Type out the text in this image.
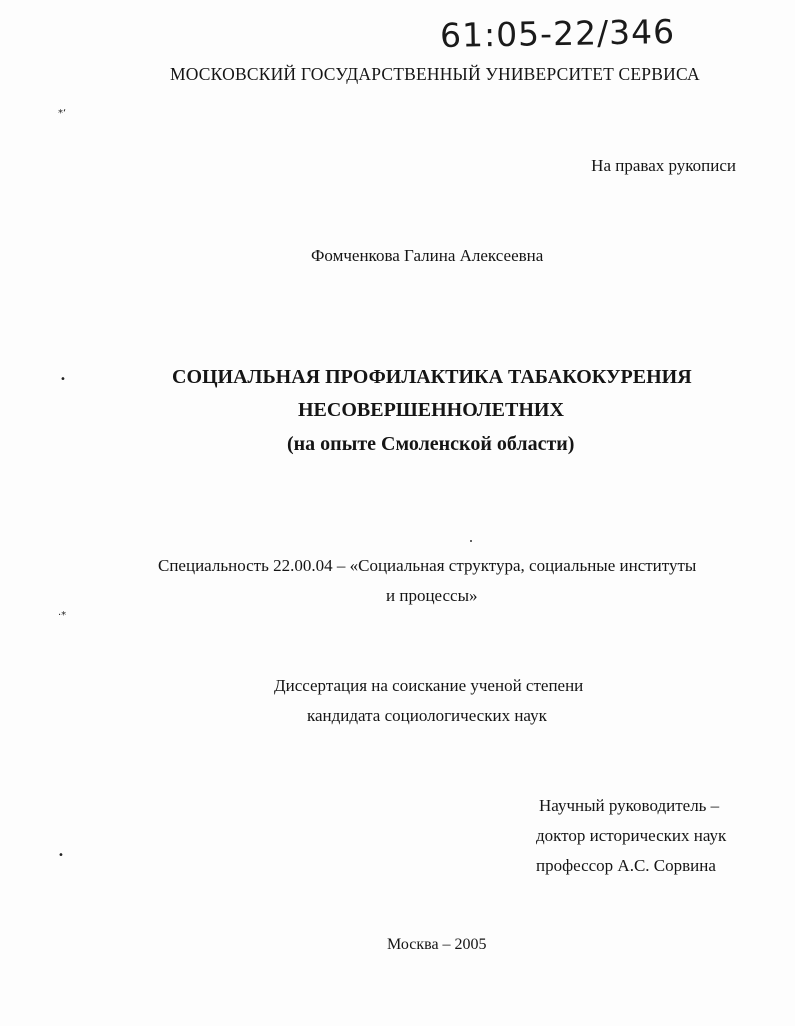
61:05-22/346
МОСКОВСКИЙ ГОСУДАРСТВЕННЫЙ УНИВЕРСИТЕТ СЕРВИСА
На правах рукописи
Фомченкова Галина Алексеевна
СОЦИАЛЬНАЯ ПРОФИЛАКТИКА ТАБАКОКУРЕНИЯ
НЕСОВЕРШЕННОЛЕТНИХ
(на опыте Смоленской области)
Специальность 22.00.04 – «Социальная структура, социальные институты
и процессы»
Диссертация на соискание ученой степени
кандидата социологических наук
Научный руководитель –
доктор исторических наук
профессор А.С. Сорвина
Москва – 2005
*‘
•
·*
•
